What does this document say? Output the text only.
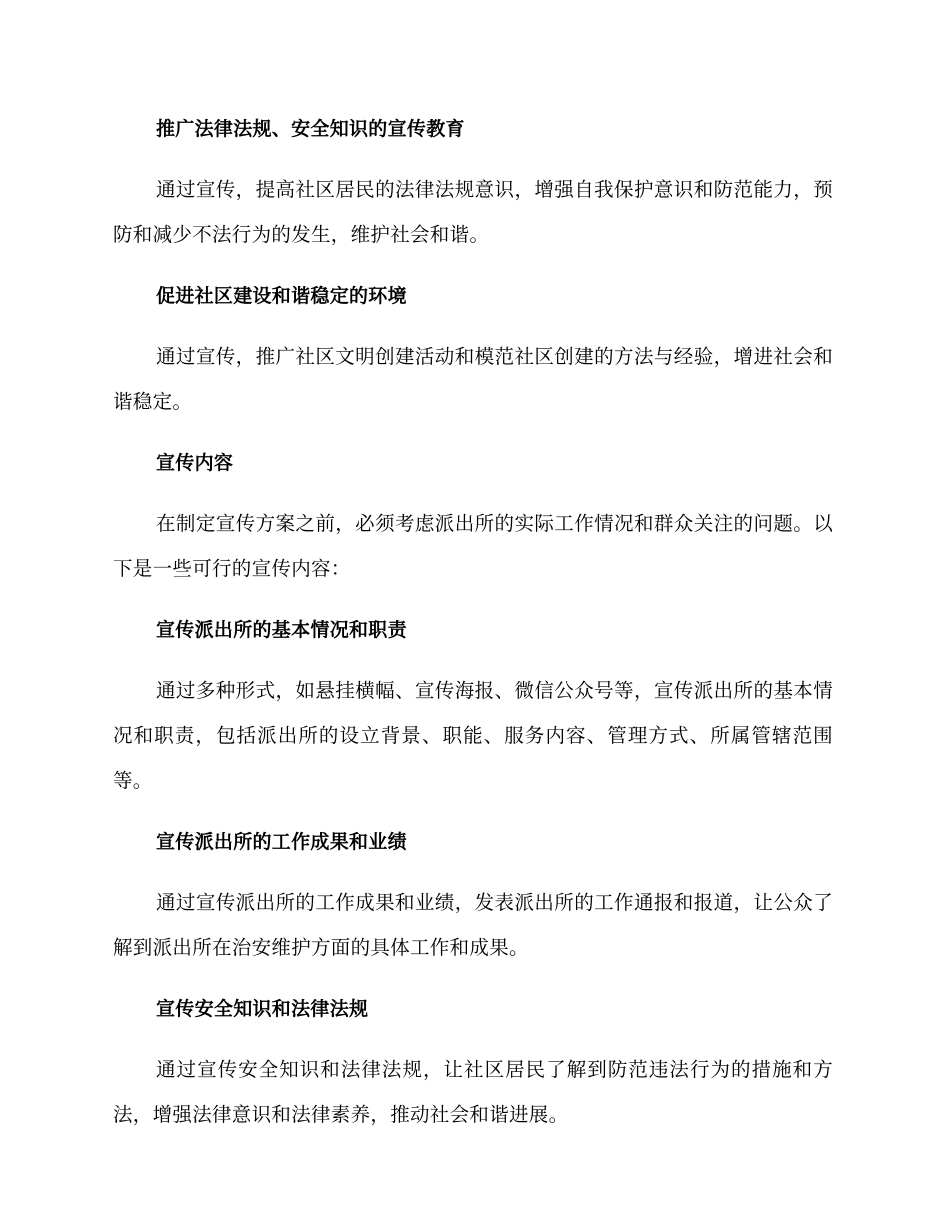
推广法律法规、安全知识的宣传教育

通过宣传，提高社区居民的法律法规意识，增强自我保护意识和防范能力，预防和减少不法行为的发生，维护社会和谐。

促进社区建设和谐稳定的环境

通过宣传，推广社区文明创建活动和模范社区创建的方法与经验，增进社会和谐稳定。

宣传内容

在制定宣传方案之前，必须考虑派出所的实际工作情况和群众关注的问题。以下是一些可行的宣传内容：

宣传派出所的基本情况和职责

通过多种形式，如悬挂横幅、宣传海报、微信公众号等，宣传派出所的基本情况和职责，包括派出所的设立背景、职能、服务内容、管理方式、所属管辖范围等。

宣传派出所的工作成果和业绩

通过宣传派出所的工作成果和业绩，发表派出所的工作通报和报道，让公众了解到派出所在治安维护方面的具体工作和成果。

宣传安全知识和法律法规

通过宣传安全知识和法律法规，让社区居民了解到防范违法行为的措施和方法，增强法律意识和法律素养，推动社会和谐进展。
